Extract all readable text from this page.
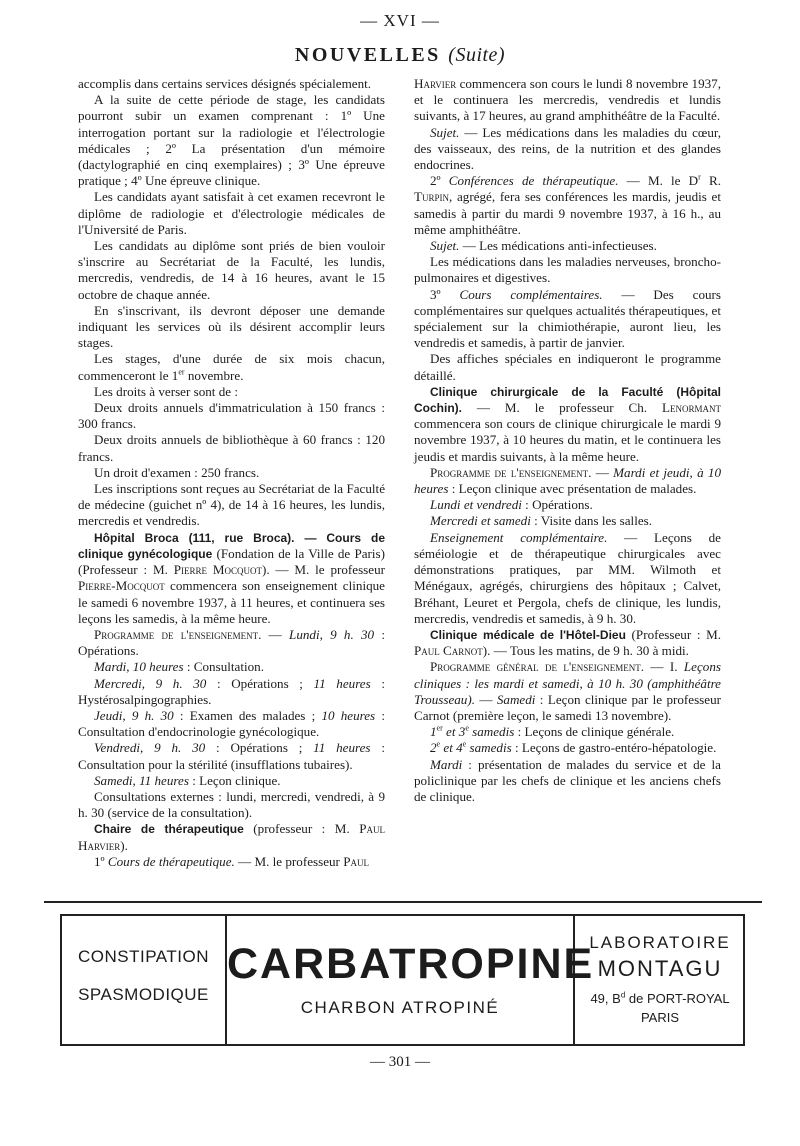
— XVI —
NOUVELLES (Suite)

accomplis dans certains services désignés spécialement.

A la suite de cette période de stage, les candidats pourront subir un examen comprenant : 1º Une interrogation portant sur la radiologie et l'électrologie médicales ; 2º La présentation d'un mémoire (dactylographié en cinq exemplaires) ; 3º Une épreuve pratique ; 4º Une épreuve clinique.

Les candidats ayant satisfait à cet examen recevront le diplôme de radiologie et d'électrologie médicales de l'Université de Paris.

Les candidats au diplôme sont priés de bien vouloir s'inscrire au Secrétariat de la Faculté, les lundis, mercredis, vendredis, de 14 à 16 heures, avant le 15 octobre de chaque année.

En s'inscrivant, ils devront déposer une demande indiquant les services où ils désirent accomplir leurs stages.

Les stages, d'une durée de six mois chacun, commenceront le 1er novembre.

Les droits à verser sont de :

Deux droits annuels d'immatriculation à 150 francs : 300 francs.

Deux droits annuels de bibliothèque à 60 francs : 120 francs.

Un droit d'examen : 250 francs.

Les inscriptions sont reçues au Secrétariat de la Faculté de médecine (guichet nº 4), de 14 à 16 heures, les lundis, mercredis et vendredis.

Hôpital Broca (111, rue Broca). — Cours de clinique gynécologique (Fondation de la Ville de Paris) (Professeur : M. Pierre Mocquot). — M. le professeur Pierre-Mocquot commencera son enseignement clinique le samedi 6 novembre 1937, à 11 heures, et continuera ses leçons les samedis, à la même heure.

Programme de l'enseignement. — Lundi, 9 h. 30 : Opérations.

Mardi, 10 heures : Consultation.

Mercredi, 9 h. 30 : Opérations ; 11 heures : Hystérosalpingographies.

Jeudi, 9 h. 30 : Examen des malades ; 10 heures : Consultation d'endocrinologie gynécologique.

Vendredi, 9 h. 30 : Opérations ; 11 heures : Consultation pour la stérilité (insufflations tubaires).

Samedi, 11 heures : Leçon clinique.

Consultations externes : lundi, mercredi, vendredi, à 9 h. 30 (service de la consultation).

Chaire de thérapeutique (professeur : M. Paul Harvier).

1º Cours de thérapeutique. — M. le professeur Paul

Harvier commencera son cours le lundi 8 novembre 1937, et le continuera les mercredis, vendredis et lundis suivants, à 17 heures, au grand amphithéâtre de la Faculté.

Sujet. — Les médications dans les maladies du cœur, des vaisseaux, des reins, de la nutrition et des glandes endocrines.

2º Conférences de thérapeutique. — M. le $D^r$ R. Turpin, agrégé, fera ses conférences les mardis, jeudis et samedis à partir du mardi 9 novembre 1937, à 16 h., au même amphithéâtre.

Sujet. — Les médications anti-infectieuses.

Les médications dans les maladies nerveuses, broncho-pulmonaires et digestives.

3º Cours complémentaires. — Des cours complémentaires sur quelques actualités thérapeutiques, et spécialement sur la chimiothérapie, auront lieu, les vendredis et samedis, à partir de janvier.

Des affiches spéciales en indiqueront le programme détaillé.

Clinique chirurgicale de la Faculté (Hôpital Cochin). — M. le professeur Ch. Lenormant commencera son cours de clinique chirurgicale le mardi 9 novembre 1937, à 10 heures du matin, et le continuera les jeudis et mardis suivants, à la même heure.

Programme de l'enseignement. — Mardi et jeudi, à 10 heures : Leçon clinique avec présentation de malades.

Lundi et vendredi : Opérations.

Mercredi et samedi : Visite dans les salles.

Enseignement complémentaire. — Leçons de séméiologie et de thérapeutique chirurgicales avec démonstrations pratiques, par MM. Wilmoth et Ménégaux, agrégés, chirurgiens des hôpitaux ; Calvet, Bréhant, Leuret et Pergola, chefs de clinique, les lundis, mercredis, vendredis et samedis, à 9 h. 30.

Clinique médicale de l'Hôtel-Dieu (Professeur : M. Paul Carnot). — Tous les matins, de 9 h. 30 à midi.

Programme général de l'enseignement. — I. Leçons cliniques : les mardi et samedi, à 10 h. 30 (amphithéâtre Trousseau). — Samedi : Leçon clinique par le professeur Carnot (première leçon, le samedi 13 novembre).

1er et 3e samedis : Leçons de clinique générale.

2e et 4e samedis : Leçons de gastro-entéro-hépatologie.

Mardi : présentation de malades du service et de la policlinique par les chefs de clinique et les anciens chefs de clinique.

CONSTIPATION
SPASMODIQUE
CARBATROPINE
CHARBON ATROPINÉ
LABORATOIRE
MONTAGU
49, $B^d$ de PORT-ROYAL
PARIS
— 301 —
